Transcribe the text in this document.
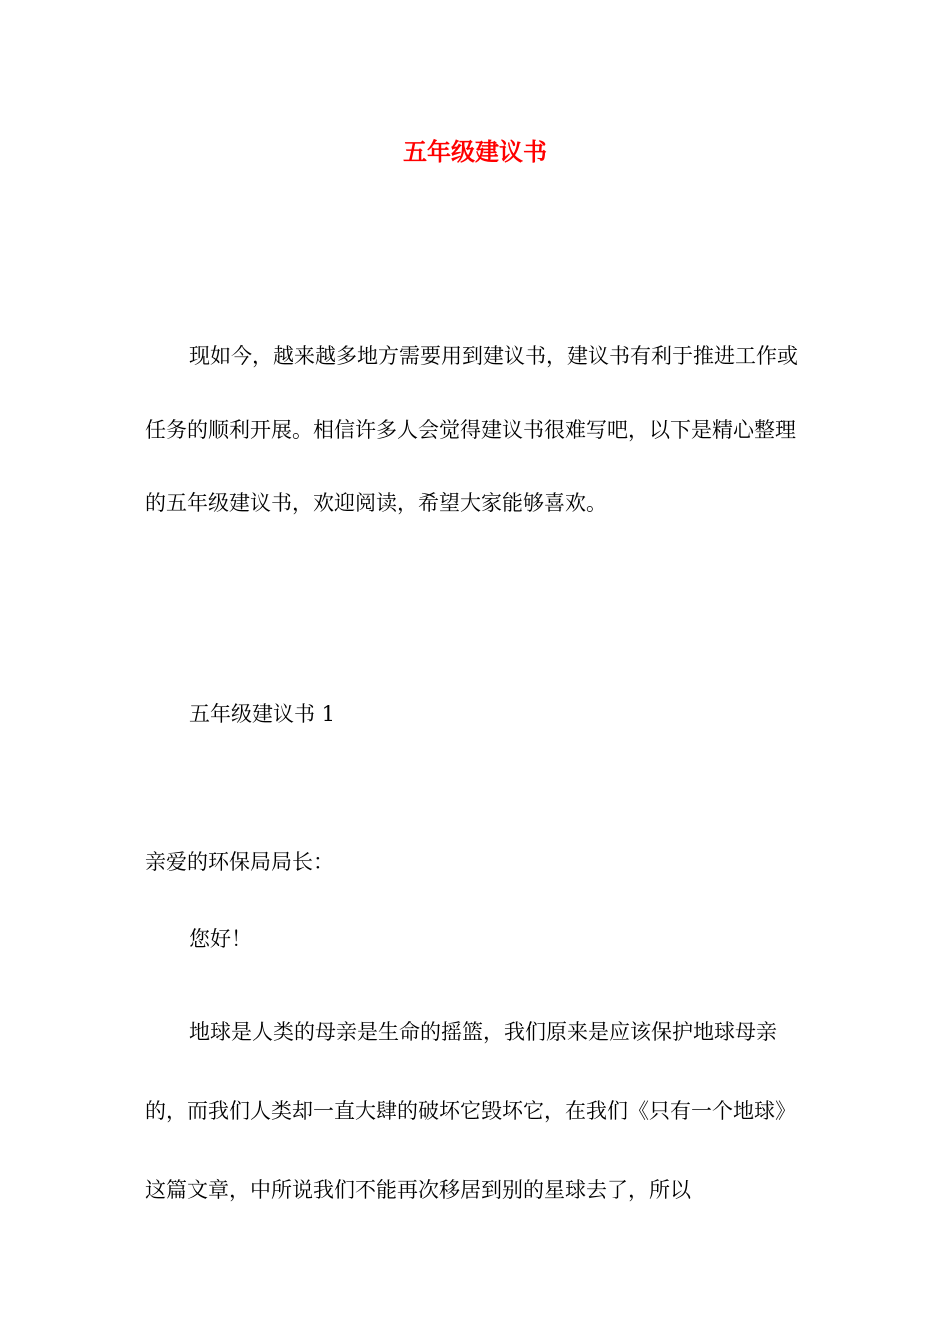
五年级建议书

现如今，越来越多地方需要用到建议书，建议书有利于推进工作或任务的顺利开展。相信许多人会觉得建议书很难写吧，以下是精心整理的五年级建议书，欢迎阅读，希望大家能够喜欢。

五年级建议书 1

亲爱的环保局局长：

您好！

地球是人类的母亲是生命的摇篮，我们原来是应该保护地球母亲的，而我们人类却一直大肆的破坏它毁坏它，在我们《只有一个地球》这篇文章，中所说我们不能再次移居到别的星球去了，所以
